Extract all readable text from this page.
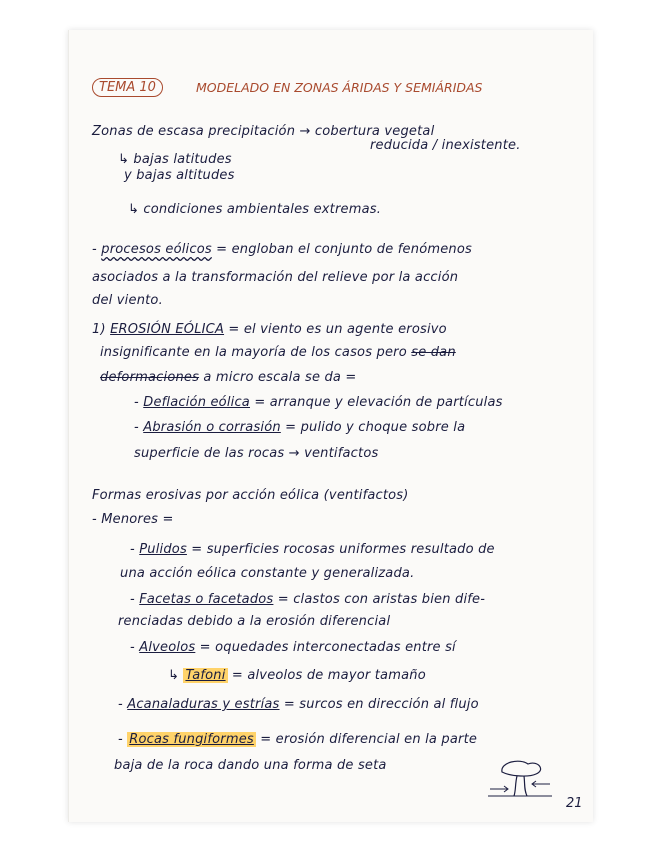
TEMA 10	MODELADO EN ZONAS ÁRIDAS Y SEMIÁRIDAS
Zonas de escasa precipitación → cobertura vegetal
reducida / inexistente.
↳ bajas latitudes
y bajas altitudes
↳ condiciones ambientales extremas.
- procesos eólicos = engloban el conjunto de fenómenos
asociados a la transformación del relieve por la acción
del viento.
1) EROSIÓN EÓLICA = el viento es un agente erosivo
insignificante en la mayoría de los casos pero se dan
deformaciones a micro escala se da =
- Deflación eólica = arranque y elevación de partículas
- Abrasión o corrasión = pulido y choque sobre la
superficie de las rocas → ventifactos
Formas erosivas por acción eólica (ventifactos)
- Menores =
- Pulidos = superficies rocosas uniformes resultado de
una acción eólica constante y generalizada.
- Facetas o facetados = clastos con aristas bien dife-
renciadas debido a la erosión diferencial
- Alveolos = oquedades interconectadas entre sí
↳ Tafoni = alveolos de mayor tamaño
- Acanaladuras y estrías = surcos en dirección al flujo
- Rocas fungiformes = erosión diferencial en la parte
baja de la roca dando una forma de seta
21
